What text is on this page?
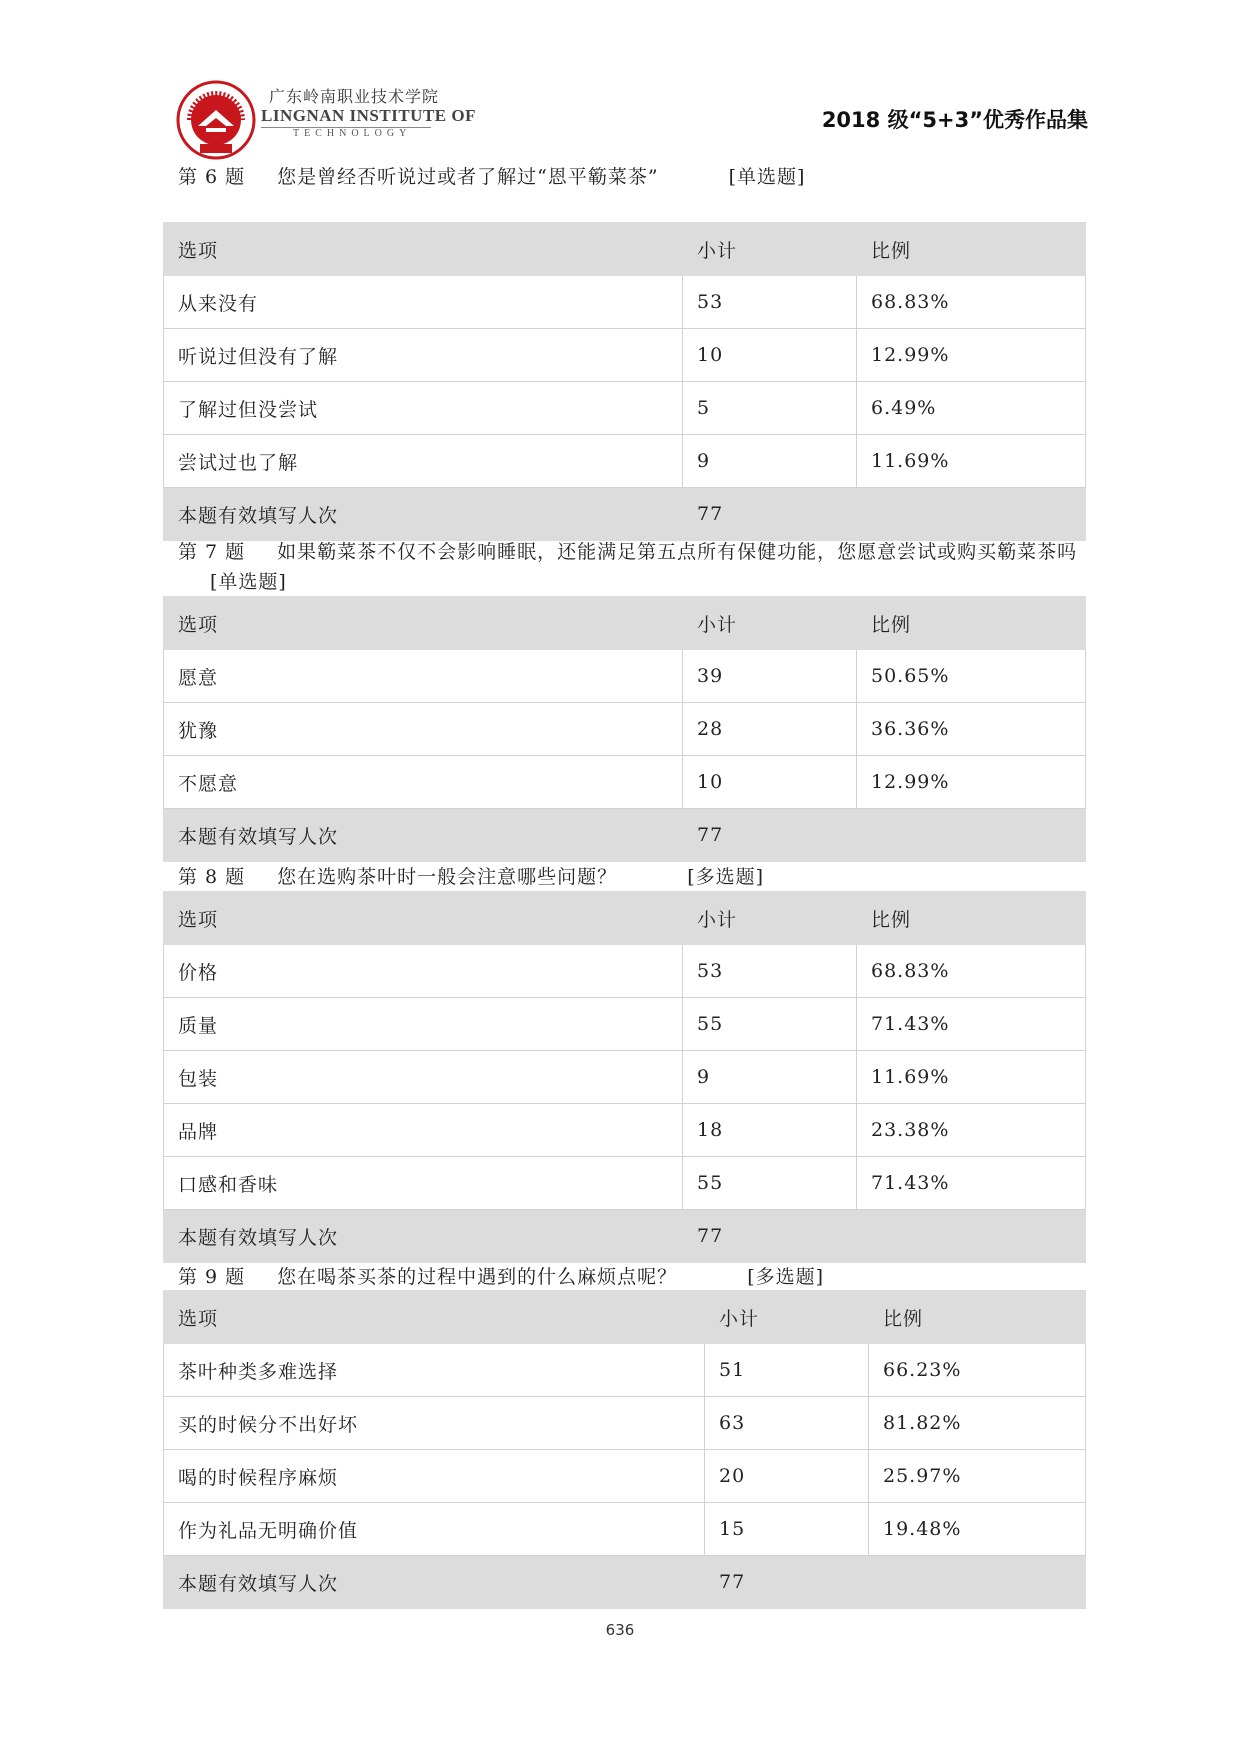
广东岭南职业技术学院
LINGNAN INSTITUTE OF
TECHNOLOGY
2018 级“5+3”优秀作品集
第 6 题 您是曾经否听说过或者了解过“恩平簕菜茶”	[单选题]
选项	小计	比例
从来没有	53	68.83%
听说过但没有了解	10	12.99%
了解过但没尝试	5	6.49%
尝试过也了解	9	11.69%
本题有效填写人次	77	
第 7 题 如果簕菜茶不仅不会影响睡眠，还能满足第五点所有保健功能，您愿意尝试或购买簕菜茶吗[单选题]
选项	小计	比例
愿意	39	50.65%
犹豫	28	36.36%
不愿意	10	12.99%
本题有效填写人次	77	
第 8 题 您在选购茶叶时一般会注意哪些问题？	[多选题]
选项	小计	比例
价格	53	68.83%
质量	55	71.43%
包装	9	11.69%
品牌	18	23.38%
口感和香味	55	71.43%
本题有效填写人次	77	
第 9 题 您在喝茶买茶的过程中遇到的什么麻烦点呢？	[多选题]
选项	小计	比例
茶叶种类多难选择	51	66.23%
买的时候分不出好坏	63	81.82%
喝的时候程序麻烦	20	25.97%
作为礼品无明确价值	15	19.48%
本题有效填写人次	77	
636
